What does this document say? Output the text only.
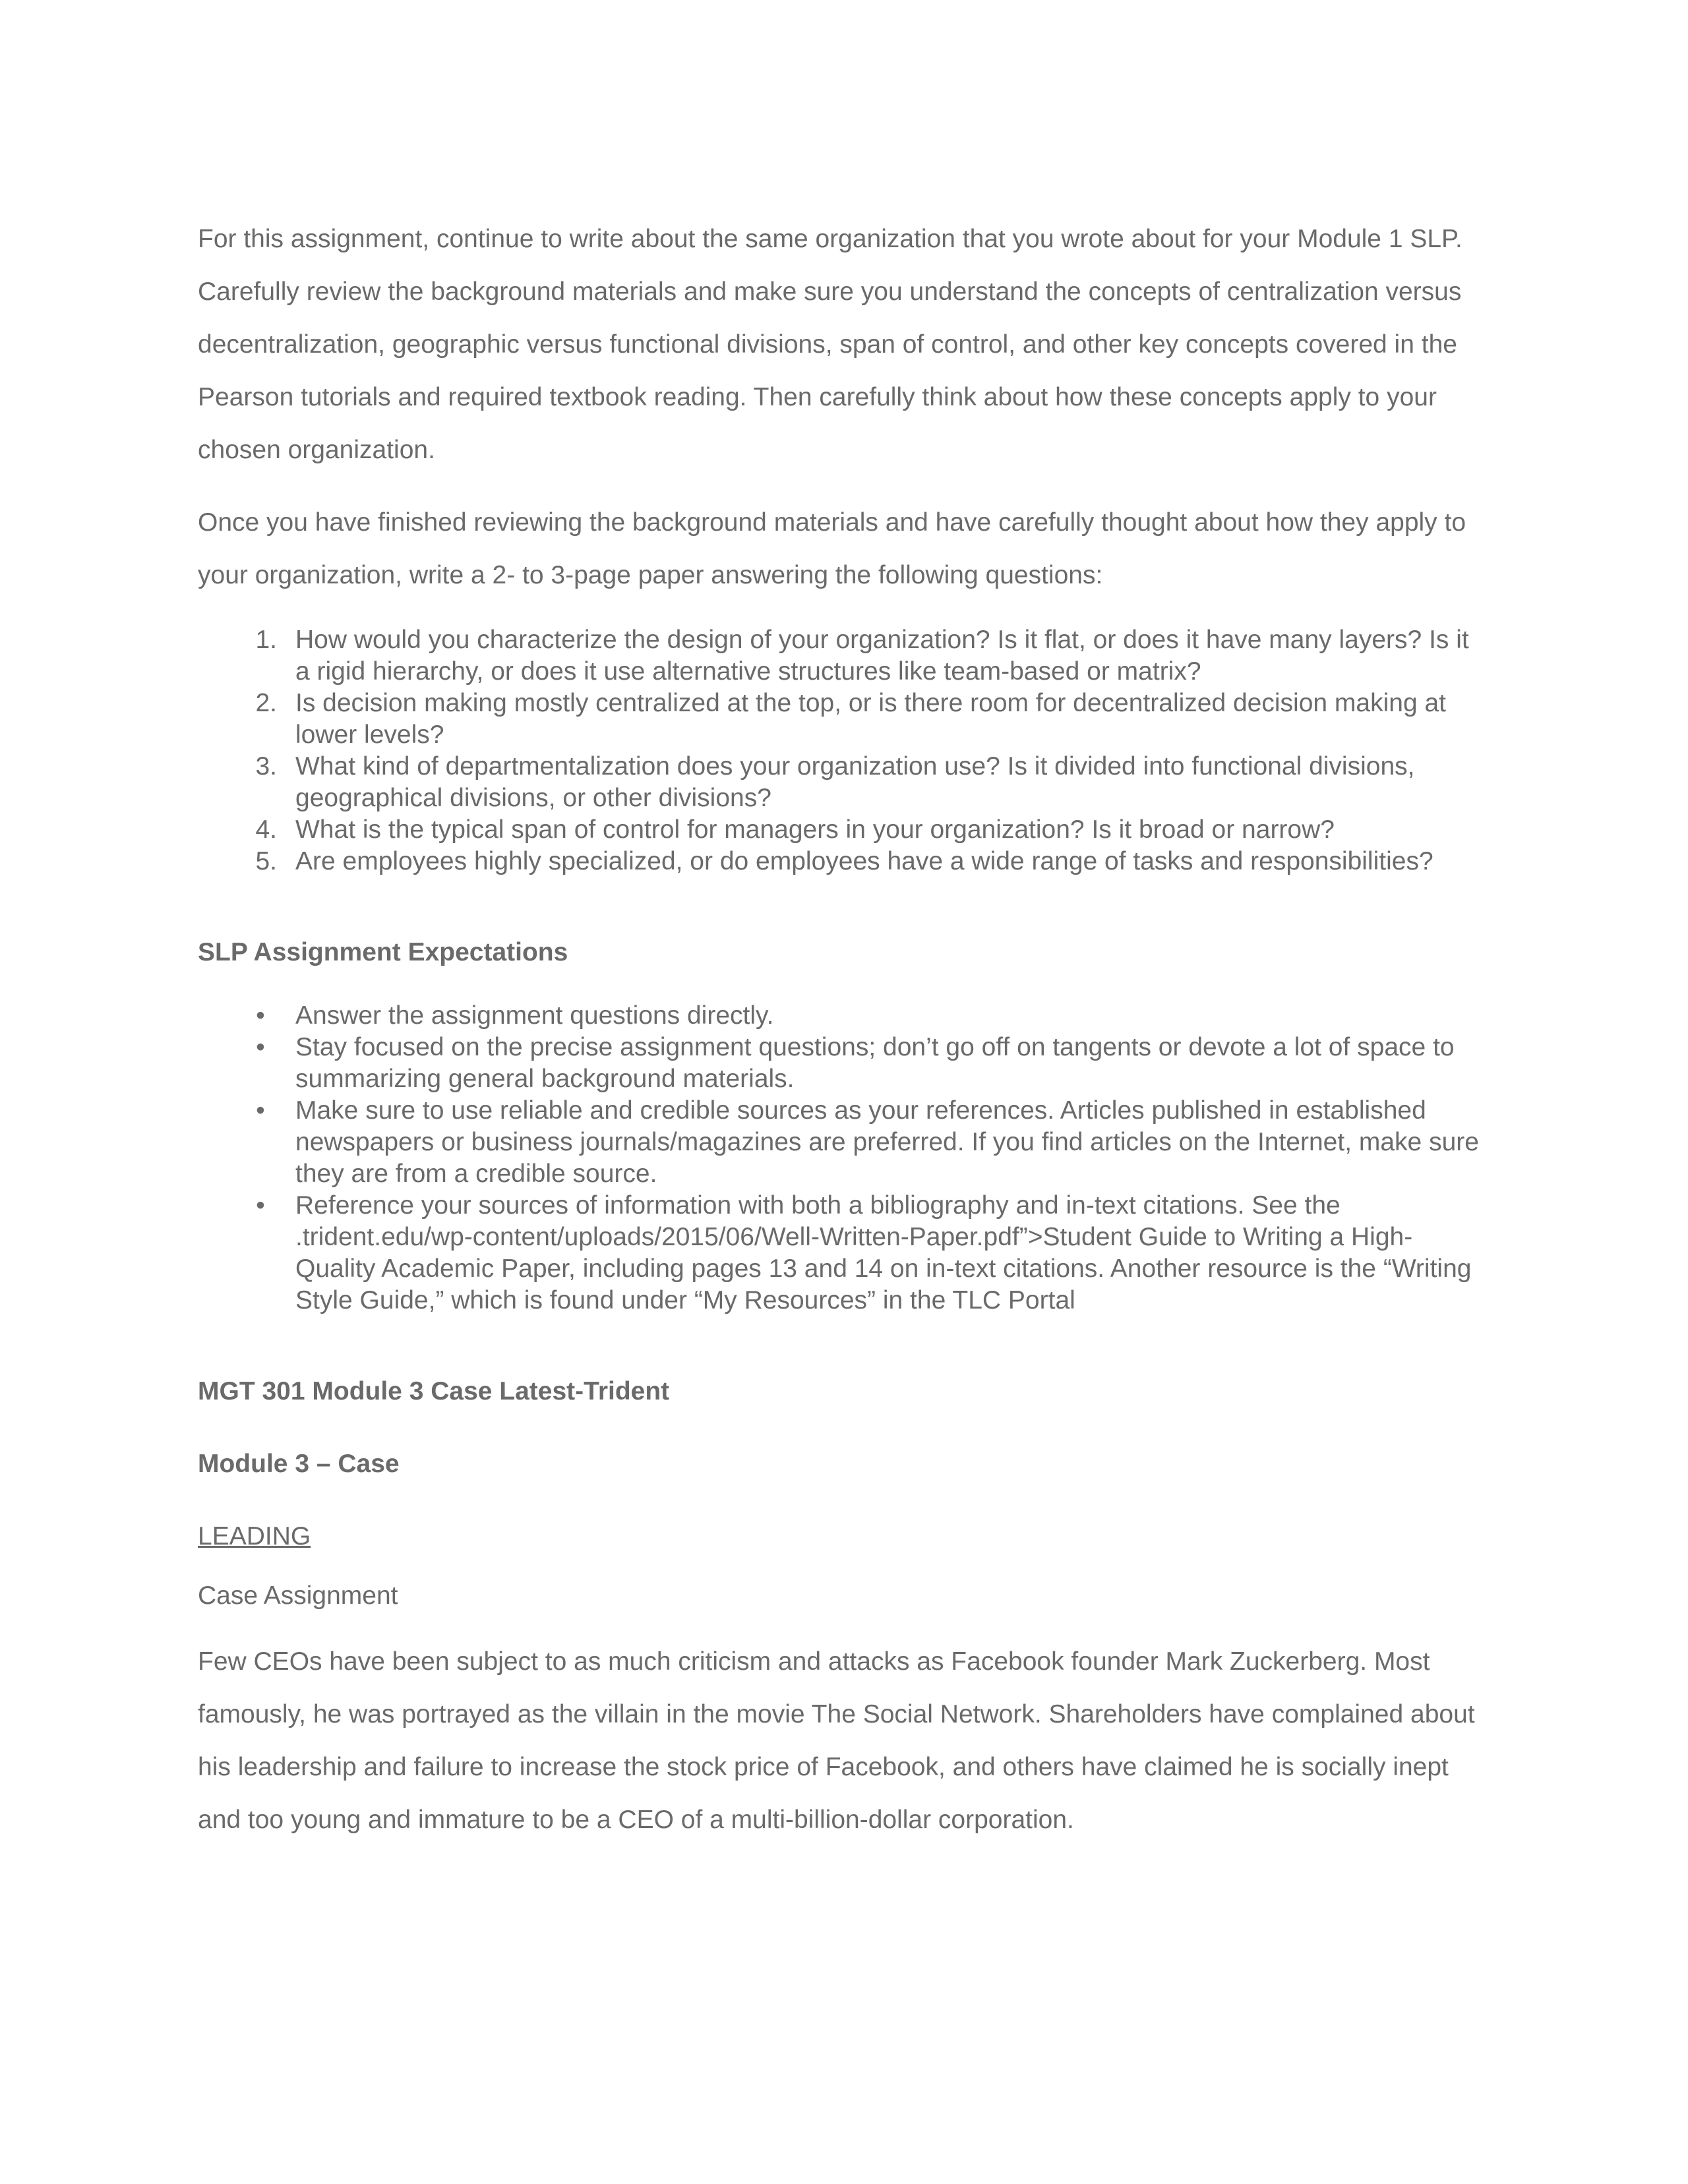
For this assignment, continue to write about the same organization that you wrote about for your Module 1 SLP. Carefully review the background materials and make sure you understand the concepts of centralization versus decentralization, geographic versus functional divisions, span of control, and other key concepts covered in the Pearson tutorials and required textbook reading. Then carefully think about how these concepts apply to your chosen organization.

Once you have finished reviewing the background materials and have carefully thought about how they apply to your organization, write a 2- to 3-page paper answering the following questions:

1. How would you characterize the design of your organization? Is it flat, or does it have many layers? Is it a rigid hierarchy, or does it use alternative structures like team-based or matrix?
2. Is decision making mostly centralized at the top, or is there room for decentralized decision making at lower levels?
3. What kind of departmentalization does your organization use? Is it divided into functional divisions, geographical divisions, or other divisions?
4. What is the typical span of control for managers in your organization? Is it broad or narrow?
5. Are employees highly specialized, or do employees have a wide range of tasks and responsibilities?

SLP Assignment Expectations

• Answer the assignment questions directly.
• Stay focused on the precise assignment questions; don’t go off on tangents or devote a lot of space to summarizing general background materials.
• Make sure to use reliable and credible sources as your references. Articles published in established newspapers or business journals/magazines are preferred. If you find articles on the Internet, make sure they are from a credible source.
• Reference your sources of information with both a bibliography and in-text citations. See the .trident.edu/wp-content/uploads/2015/06/Well-Written-Paper.pdf”>Student Guide to Writing a High-Quality Academic Paper, including pages 13 and 14 on in-text citations. Another resource is the “Writing Style Guide,” which is found under “My Resources” in the TLC Portal

MGT 301 Module 3 Case Latest-Trident

Module 3 – Case

LEADING

Case Assignment

Few CEOs have been subject to as much criticism and attacks as Facebook founder Mark Zuckerberg. Most famously, he was portrayed as the villain in the movie The Social Network. Shareholders have complained about his leadership and failure to increase the stock price of Facebook, and others have claimed he is socially inept and too young and immature to be a CEO of a multi-billion-dollar corporation.
